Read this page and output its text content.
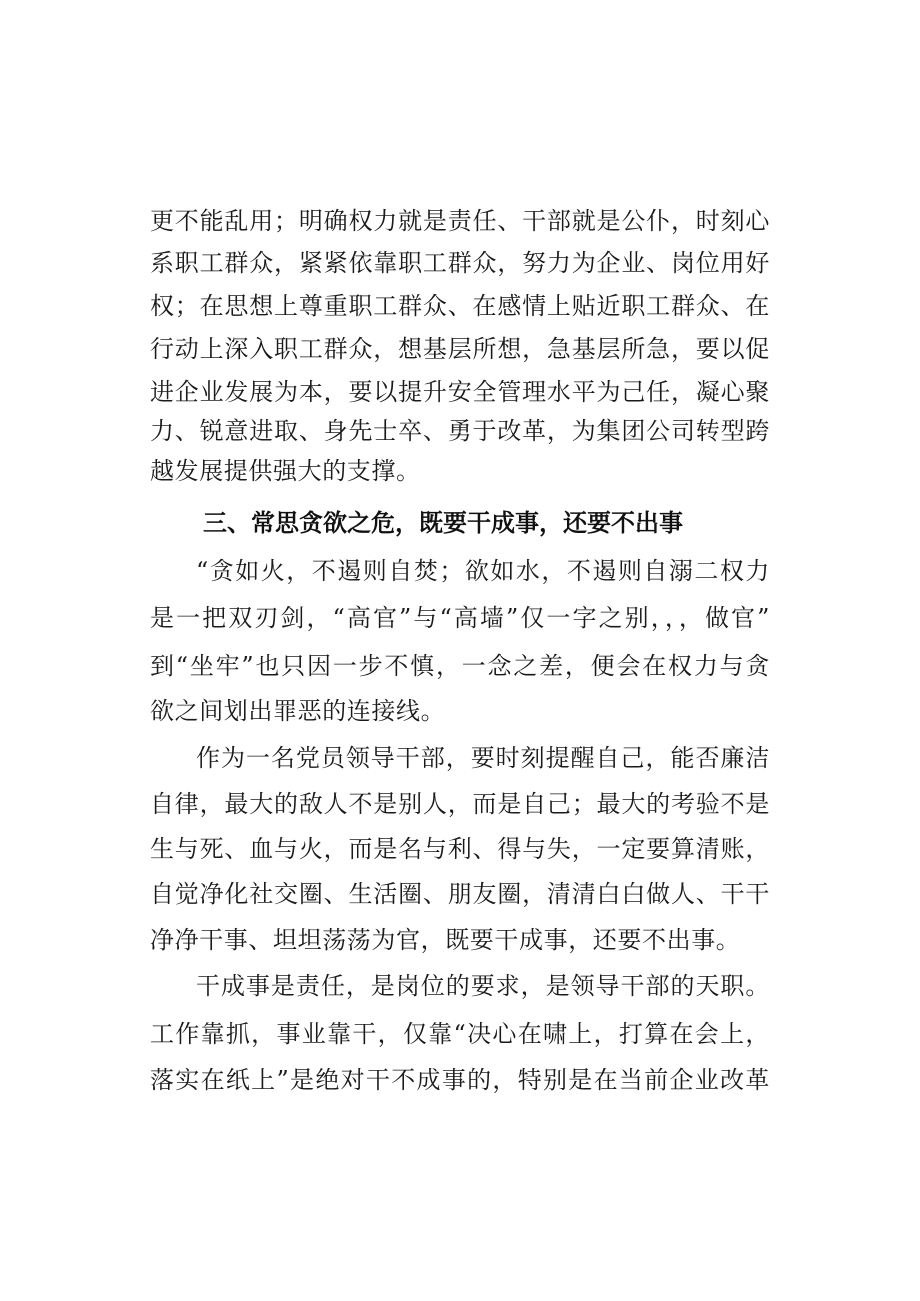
更不能乱用；明确权力就是责任、干部就是公仆，时刻心
系职工群众，紧紧依靠职工群众，努力为企业、岗位用好
权；在思想上尊重职工群众、在感情上贴近职工群众、在
行动上深入职工群众，想基层所想，急基层所急，要以促
进企业发展为本，要以提升安全管理水平为己任，凝心聚
力、锐意进取、身先士卒、勇于改革，为集团公司转型跨
越发展提供强大的支撑。
三、常思贪欲之危，既要干成事，还要不出事
“贪如火，不遏则自焚；欲如水，不遏则自溺二权力
是一把双刃剑，“高官”与“高墙”仅一字之别，，，做官”
到“坐牢”也只因一步不慎，一念之差，便会在权力与贪
欲之间划出罪恶的连接线。
作为一名党员领导干部，要时刻提醒自己，能否廉洁
自律，最大的敌人不是别人，而是自己；最大的考验不是
生与死、血与火，而是名与利、得与失，一定要算清账，
自觉净化社交圈、生活圈、朋友圈，清清白白做人、干干
净净干事、坦坦荡荡为官，既要干成事，还要不出事。
干成事是责任，是岗位的要求，是领导干部的天职。
工作靠抓，事业靠干，仅靠“决心在啸上，打算在会上，
落实在纸上”是绝对干不成事的，特别是在当前企业改革
